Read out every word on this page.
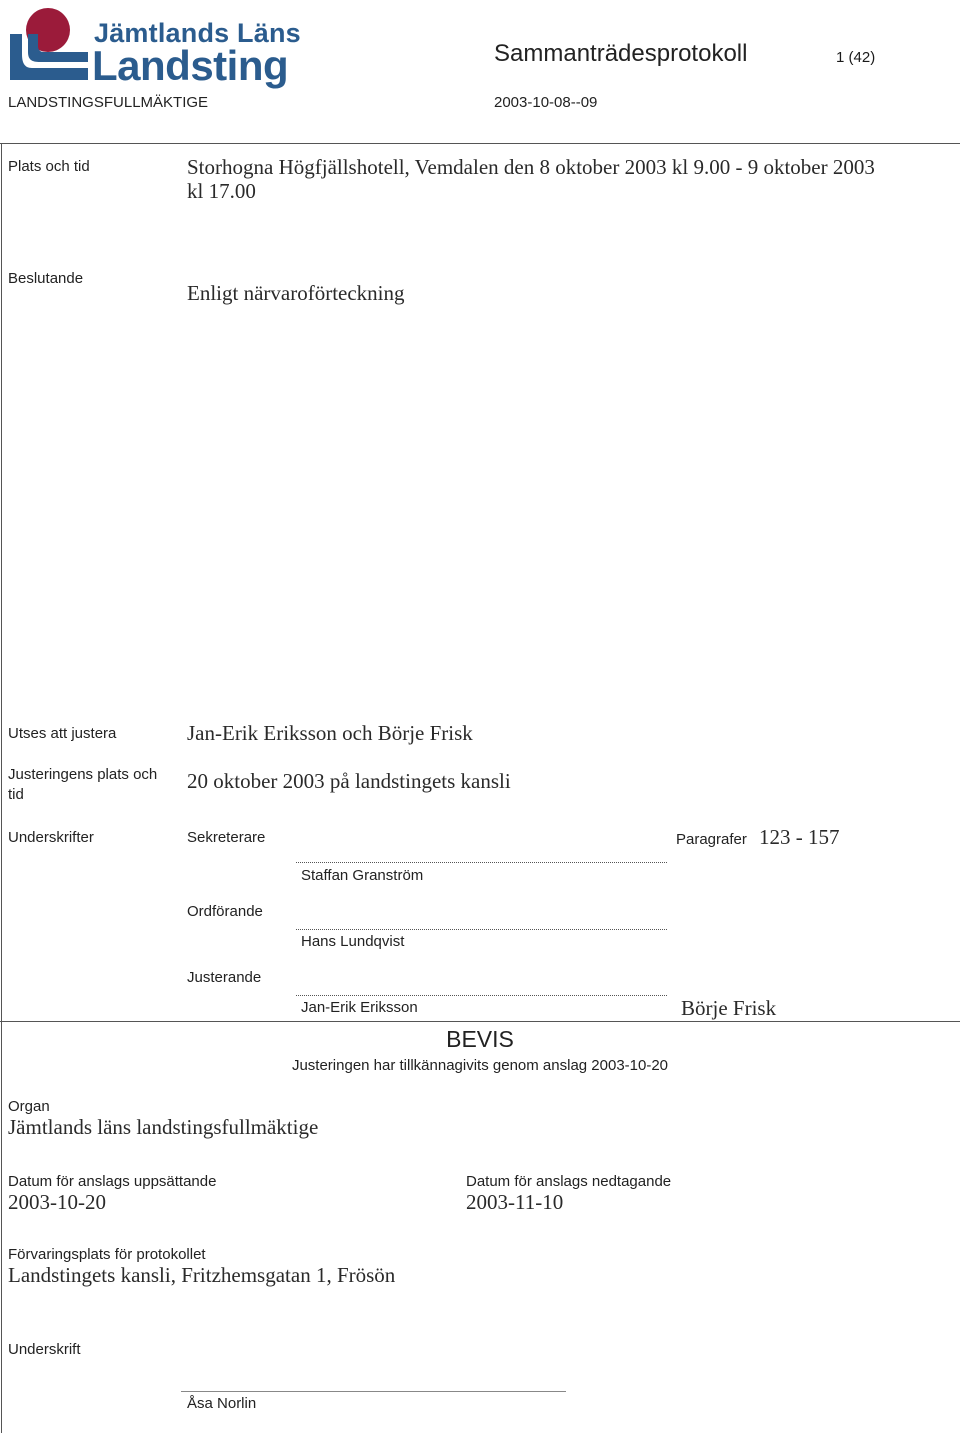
Jämtlands Läns
Landsting	Sammanträdesprotokoll	1 (42)
LANDSTINGSFULLMÄKTIGE	2003-10-08--09
Plats och tid	Storhogna Högfjällshotell, Vemdalen den 8 oktober 2003 kl 9.00 - 9 oktober 2003
kl 17.00
Beslutande
Enligt närvaroförteckning
Utses att justera	Jan-Erik Eriksson och Börje Frisk
Justeringens plats och
tid
20 oktober 2003 på landstingets kansli
Underskrifter	Sekreterare	Paragrafer 123 - 157
Staffan Granström
Ordförande
Hans Lundqvist
Justerande
Jan-Erik Eriksson	Börje Frisk
BEVIS
Justeringen har tillkännagivits genom anslag 2003-10-20
Organ
Jämtlands läns landstingsfullmäktige
Datum för anslags uppsättande
2003-10-20
Datum för anslags nedtagande
2003-11-10
Förvaringsplats för protokollet
Landstingets kansli, Fritzhemsgatan 1, Frösön
Underskrift
Åsa Norlin
